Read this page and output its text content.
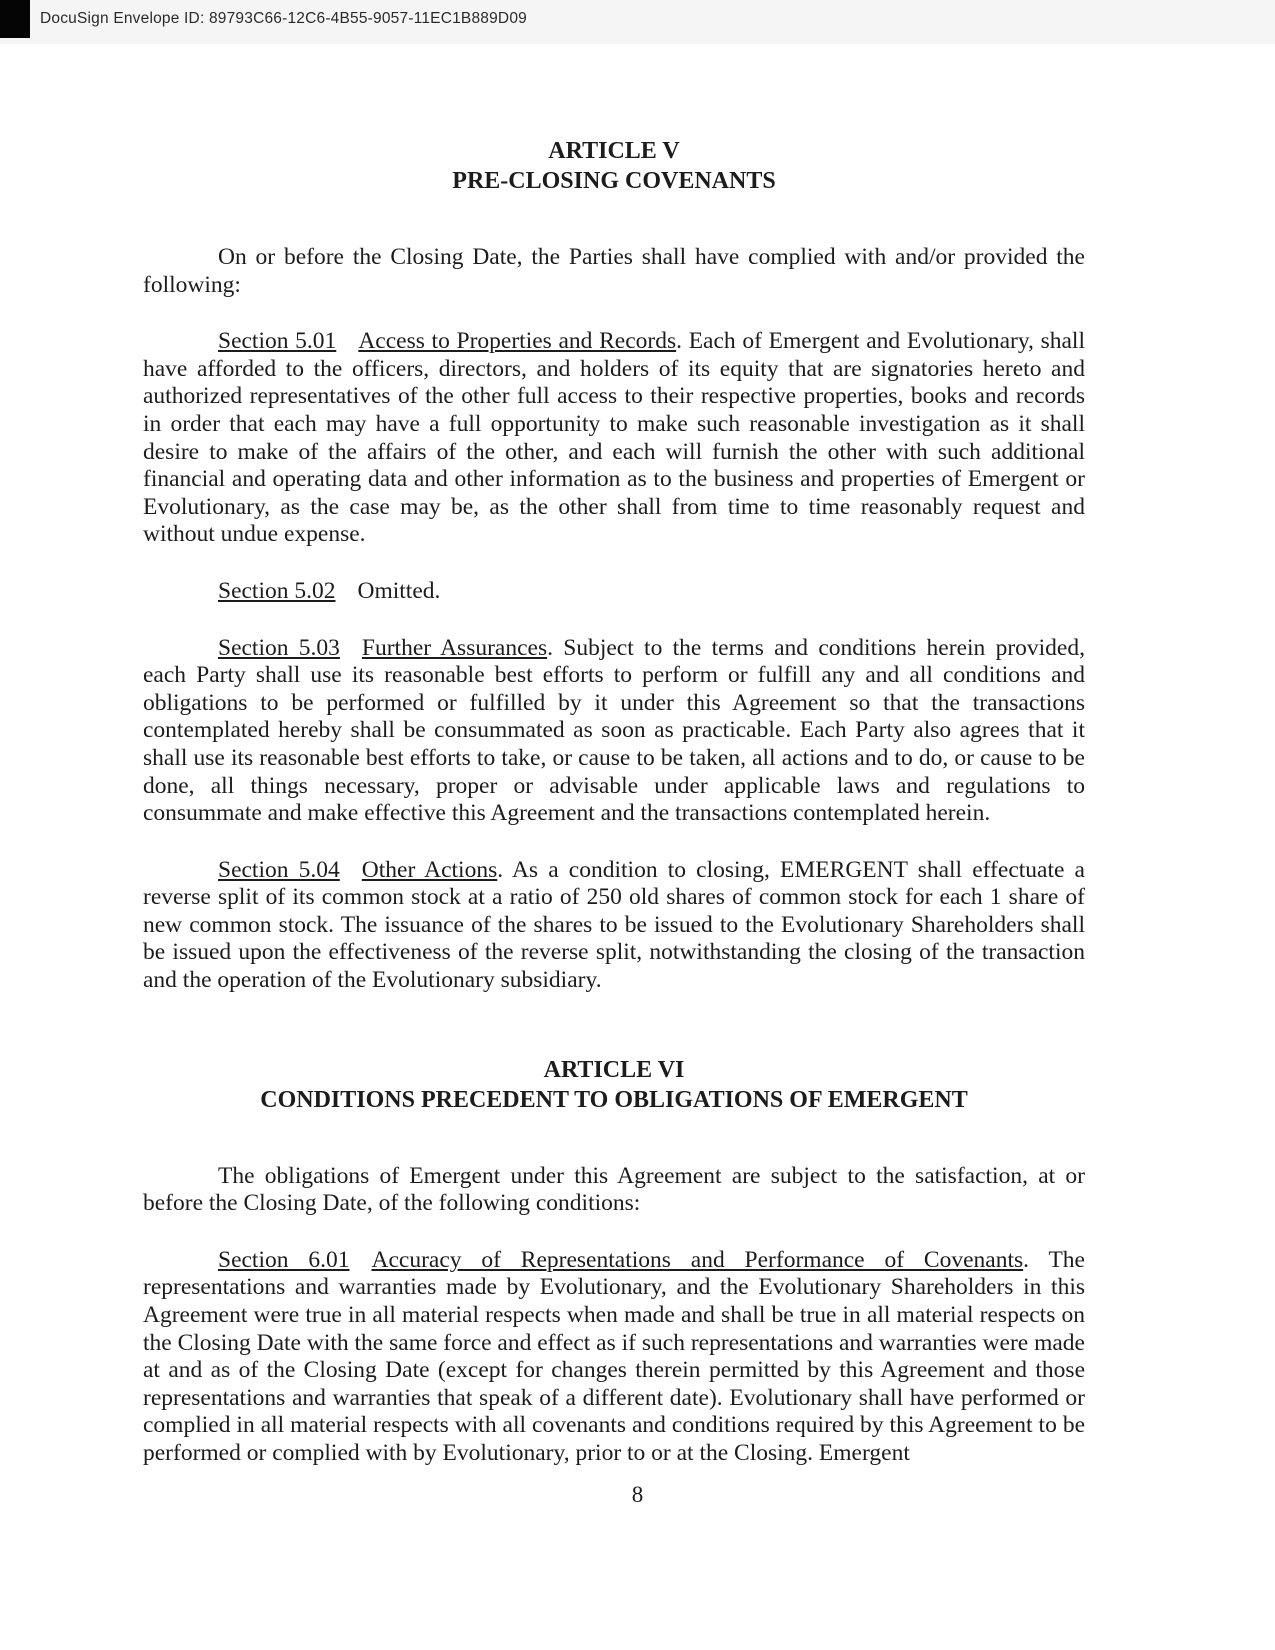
DocuSign Envelope ID: 89793C66-12C6-4B55-9057-11EC1B889D09

ARTICLE V

PRE-CLOSING COVENANTS

On or before the Closing Date, the Parties shall have complied with and/or provided the following:

Section 5.01 Access to Properties and Records. Each of Emergent and Evolutionary, shall have afforded to the officers, directors, and holders of its equity that are signatories hereto and authorized representatives of the other full access to their respective properties, books and records in order that each may have a full opportunity to make such reasonable investigation as it shall desire to make of the affairs of the other, and each will furnish the other with such additional financial and operating data and other information as to the business and properties of Emergent or Evolutionary, as the case may be, as the other shall from time to time reasonably request and without undue expense.

Section 5.02 Omitted.

Section 5.03 Further Assurances. Subject to the terms and conditions herein provided, each Party shall use its reasonable best efforts to perform or fulfill any and all conditions and obligations to be performed or fulfilled by it under this Agreement so that the transactions contemplated hereby shall be consummated as soon as practicable. Each Party also agrees that it shall use its reasonable best efforts to take, or cause to be taken, all actions and to do, or cause to be done, all things necessary, proper or advisable under applicable laws and regulations to consummate and make effective this Agreement and the transactions contemplated herein.

Section 5.04 Other Actions. As a condition to closing, EMERGENT shall effectuate a reverse split of its common stock at a ratio of 250 old shares of common stock for each 1 share of new common stock. The issuance of the shares to be issued to the Evolutionary Shareholders shall be issued upon the effectiveness of the reverse split, notwithstanding the closing of the transaction and the operation of the Evolutionary subsidiary.

ARTICLE VI

CONDITIONS PRECEDENT TO OBLIGATIONS OF EMERGENT

The obligations of Emergent under this Agreement are subject to the satisfaction, at or before the Closing Date, of the following conditions:

Section 6.01 Accuracy of Representations and Performance of Covenants. The representations and warranties made by Evolutionary, and the Evolutionary Shareholders in this Agreement were true in all material respects when made and shall be true in all material respects on the Closing Date with the same force and effect as if such representations and warranties were made at and as of the Closing Date (except for changes therein permitted by this Agreement and those representations and warranties that speak of a different date). Evolutionary shall have performed or complied in all material respects with all covenants and conditions required by this Agreement to be performed or complied with by Evolutionary, prior to or at the Closing. Emergent

8
